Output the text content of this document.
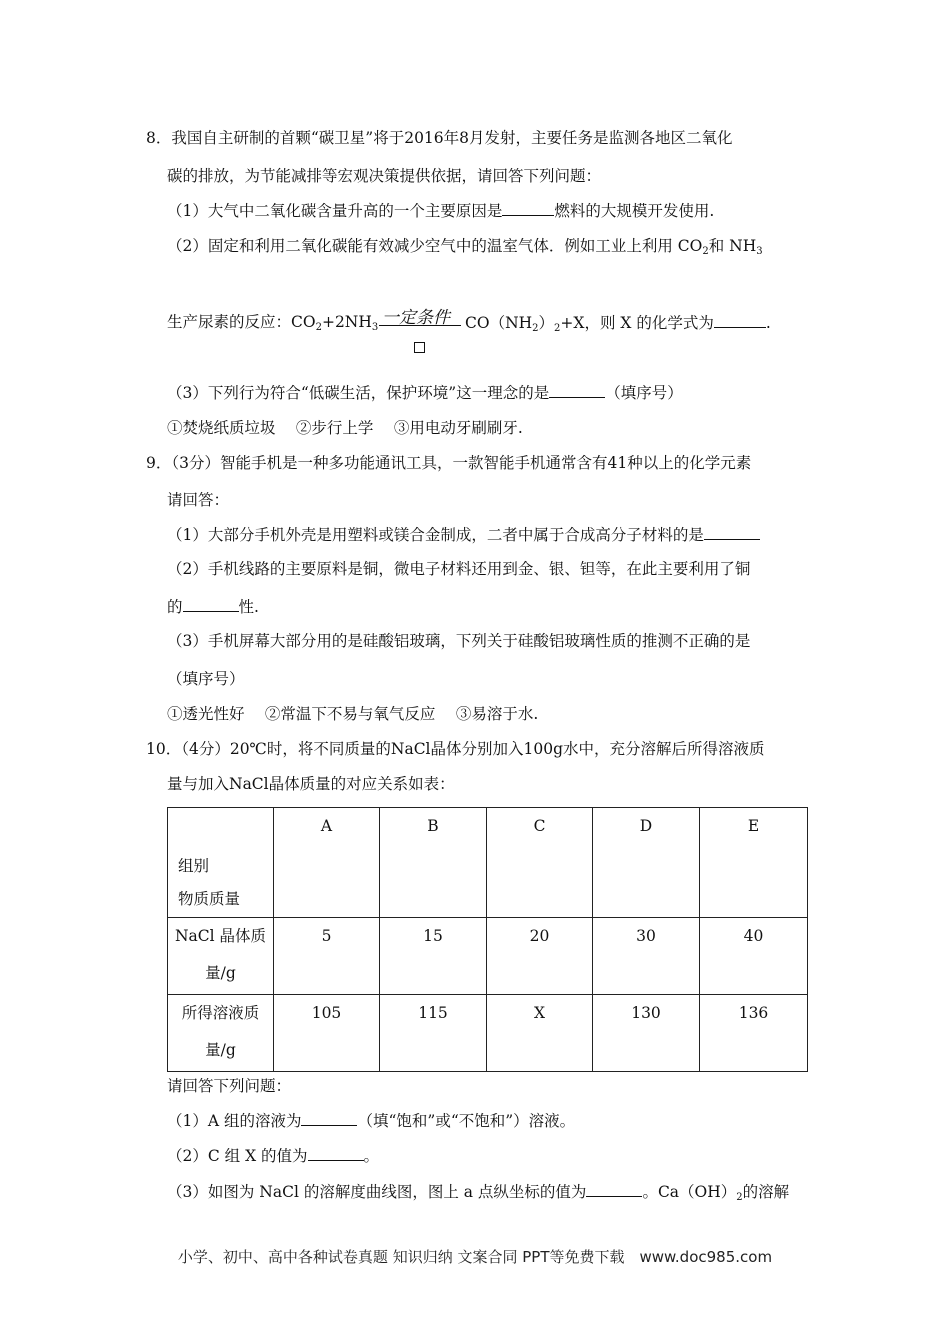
8．我国自主研制的首颗“碳卫星”将于2016年8月发射，主要任务是监测各地区二氧化
碳的排放，为节能减排等宏观决策提供依据，请回答下列问题：
（1）大气中二氧化碳含量升高的一个主要原因是	燃料的大规模开发使用.
（2）固定和利用二氧化碳能有效减少空气中的温室气体．例如工业上利用 $CO_2$和 $NH_3$
生产尿素的反应：$CO_2+2NH_3$ 一定条件 $CO(NH_2)_2+X$，则 X 的化学式为	.
（3）下列行为符合“低碳生活，保护环境”这一理念的是	（填序号）
①焚烧纸质垃圾　 ②步行上学　 ③用电动牙刷刷牙.
9．（3分）智能手机是一种多功能通讯工具，一款智能手机通常含有41种以上的化学元素
请回答：
（1）大部分手机外壳是用塑料或镁合金制成，二者中属于合成高分子材料的是
（2）手机线路的主要原料是铜，微电子材料还用到金、银、钽等，在此主要利用了铜
的	性.
（3）手机屏幕大部分用的是硅酸铝玻璃，下列关于硅酸铝玻璃性质的推测不正确的是
（填序号）
①透光性好　 ②常温下不易与氧气反应　 ③易溶于水.
10．（4分）20℃时，将不同质量的NaCl晶体分别加入100g水中，充分溶解后所得溶液质
量与加入NaCl晶体质量的对应关系如表：
组别
物质质量	A	B	C	D	E

NaCl 晶体质
量/g	5	15	20	30	40

所得溶液质
量/g	105	115	X	130	136
请回答下列问题：
（1）A 组的溶液为	（填“饱和”或“不饱和”）溶液。
（2）C 组 X 的值为	。
（3）如图为 NaCl 的溶解度曲线图，图上 a 点纵坐标的值为	。$Ca(OH)_2$的溶解
小学、初中、高中各种试卷真题 知识归纳 文案合同 PPT等免费下载　www.doc985.com
